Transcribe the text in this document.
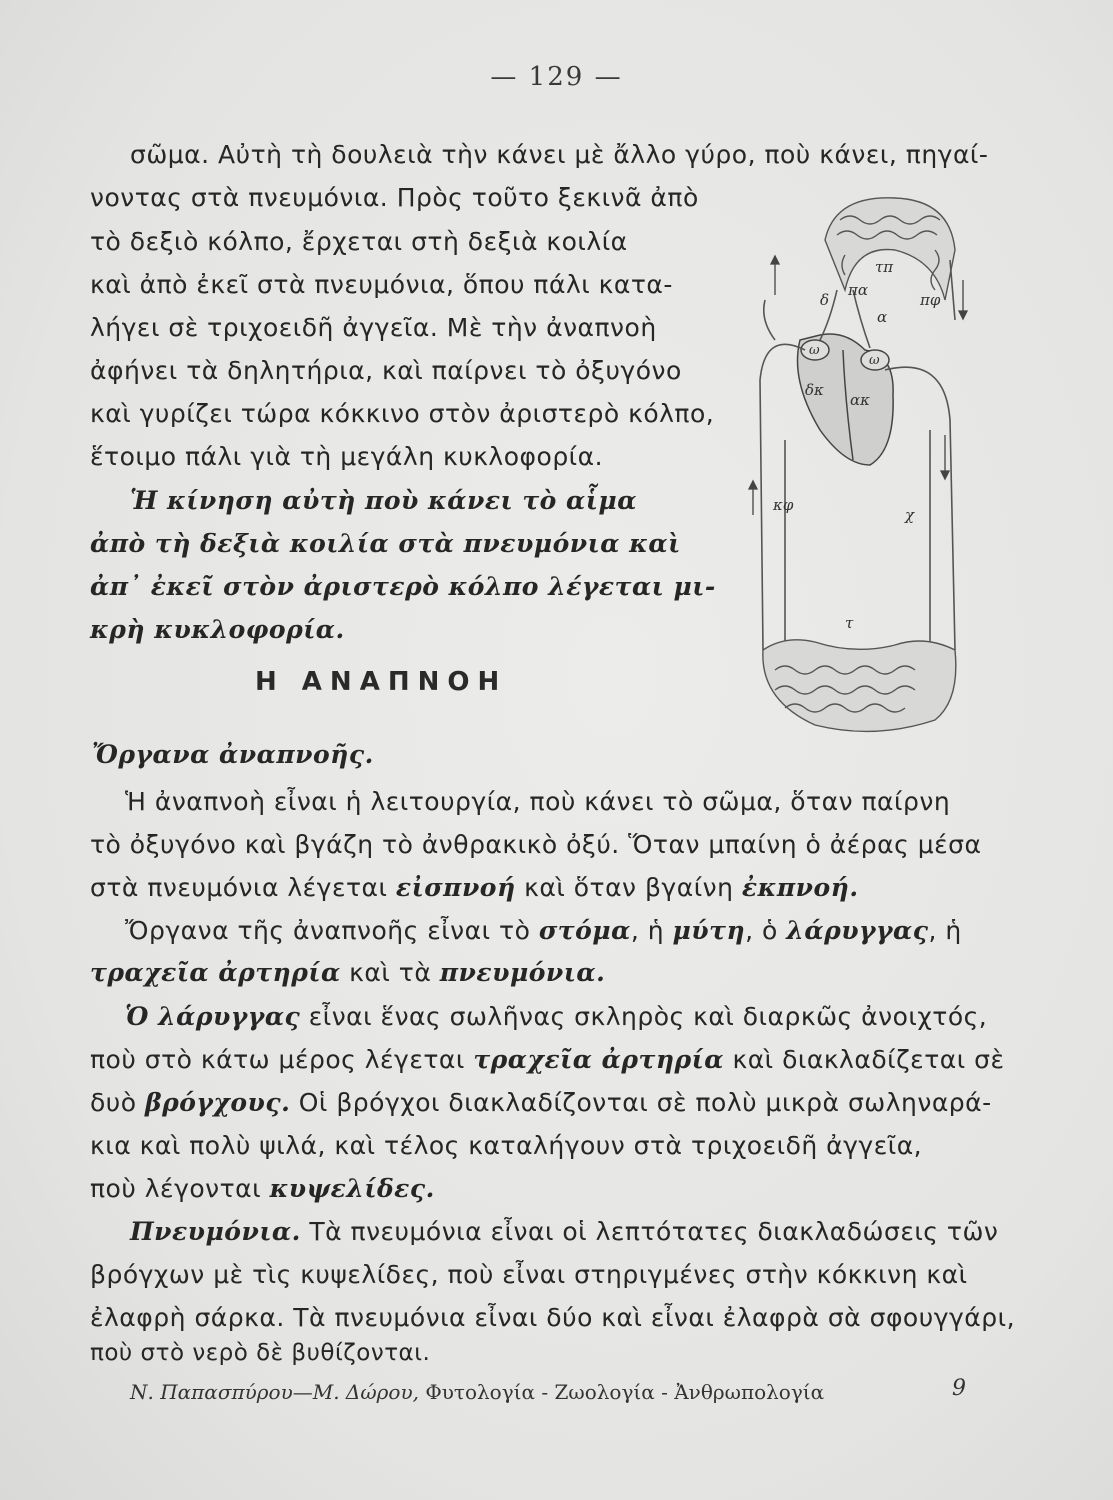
— 129 —
σῶμα. Αὐτὴ τὴ δουλειὰ τὴν κάνει μὲ ἄλλο γύρο, ποὺ κάνει, πηγαί-
νοντας στὰ πνευμόνια. Πρὸς τοῦτο ξεκινᾶ ἀπὸ
τὸ δεξιὸ κόλπο, ἔρχεται στὴ δεξιὰ κοιλία
καὶ ἀπὸ ἐκεῖ στὰ πνευμόνια, ὅπου πάλι κατα-
λήγει σὲ τριχοειδῆ ἀγγεῖα. Μὲ τὴν ἀναπνοὴ
ἀφήνει τὰ δηλητήρια, καὶ παίρνει τὸ ὀξυγόνο
καὶ γυρίζει τώρα κόκκινο στὸν ἀριστερὸ κόλπο,
ἕτοιμο πάλι γιὰ τὴ μεγάλη κυκλοφορία.
Ἡ κίνηση αὐτὴ ποὺ κάνει τὸ αἷμα
ἀπὸ τὴ δεξιὰ κοιλία στὰ πνευμόνια καὶ
ἀπ᾽ ἐκεῖ στὸν ἀριστερὸ κόλπο λέγεται μι-
κρὴ κυκλοφορία.
Η ΑΝΑΠΝΟΗ
Ὄργανα ἀναπνοῆς.
Ἡ ἀναπνοὴ εἶναι ἡ λειτουργία, ποὺ κάνει τὸ σῶμα, ὅταν παίρνη
τὸ ὀξυγόνο καὶ βγάζη τὸ ἀνθρακικὸ ὀξύ. Ὅταν μπαίνη ὁ ἀέρας μέσα
στὰ πνευμόνια λέγεται εἰσπνοή καὶ ὅταν βγαίνη ἐκπνοή.
Ὄργανα τῆς ἀναπνοῆς εἶναι τὸ στόμα, ἡ μύτη, ὁ λάρυγγας, ἡ
τραχεῖα ἀρτηρία καὶ τὰ πνευμόνια.
Ὁ λάρυγγας εἶναι ἕνας σωλῆνας σκληρὸς καὶ διαρκῶς ἀνοιχτός,
ποὺ στὸ κάτω μέρος λέγεται τραχεῖα ἀρτηρία καὶ διακλαδίζεται σὲ
δυὸ βρόγχους. Οἱ βρόγχοι διακλαδίζονται σὲ πολὺ μικρὰ σωληναρά-
κια καὶ πολὺ ψιλά, καὶ τέλος καταλήγουν στὰ τριχοειδῆ ἀγγεῖα,
ποὺ λέγονται κυψελίδες.
Πνευμόνια. Τὰ πνευμόνια εἶναι οἱ λεπτότατες διακλαδώσεις τῶν
βρόγχων μὲ τὶς κυψελίδες, ποὺ εἶναι στηριγμένες στὴν κόκκινη καὶ
ἐλαφρὴ σάρκα. Τὰ πνευμόνια εἶναι δύο καὶ εἶναι ἐλαφρὰ σὰ σφουγγάρι,
ποὺ στὸ νερὸ δὲ βυθίζονται.
Ν. Παπασπύρου—Μ. Δώρου, Φυτολογία - Ζωολογία - Ἀνθρωπολογία	9
τπ
πα
πφ
α
δ
ω
ω
δκ
ακ
κφ
χ
τ
